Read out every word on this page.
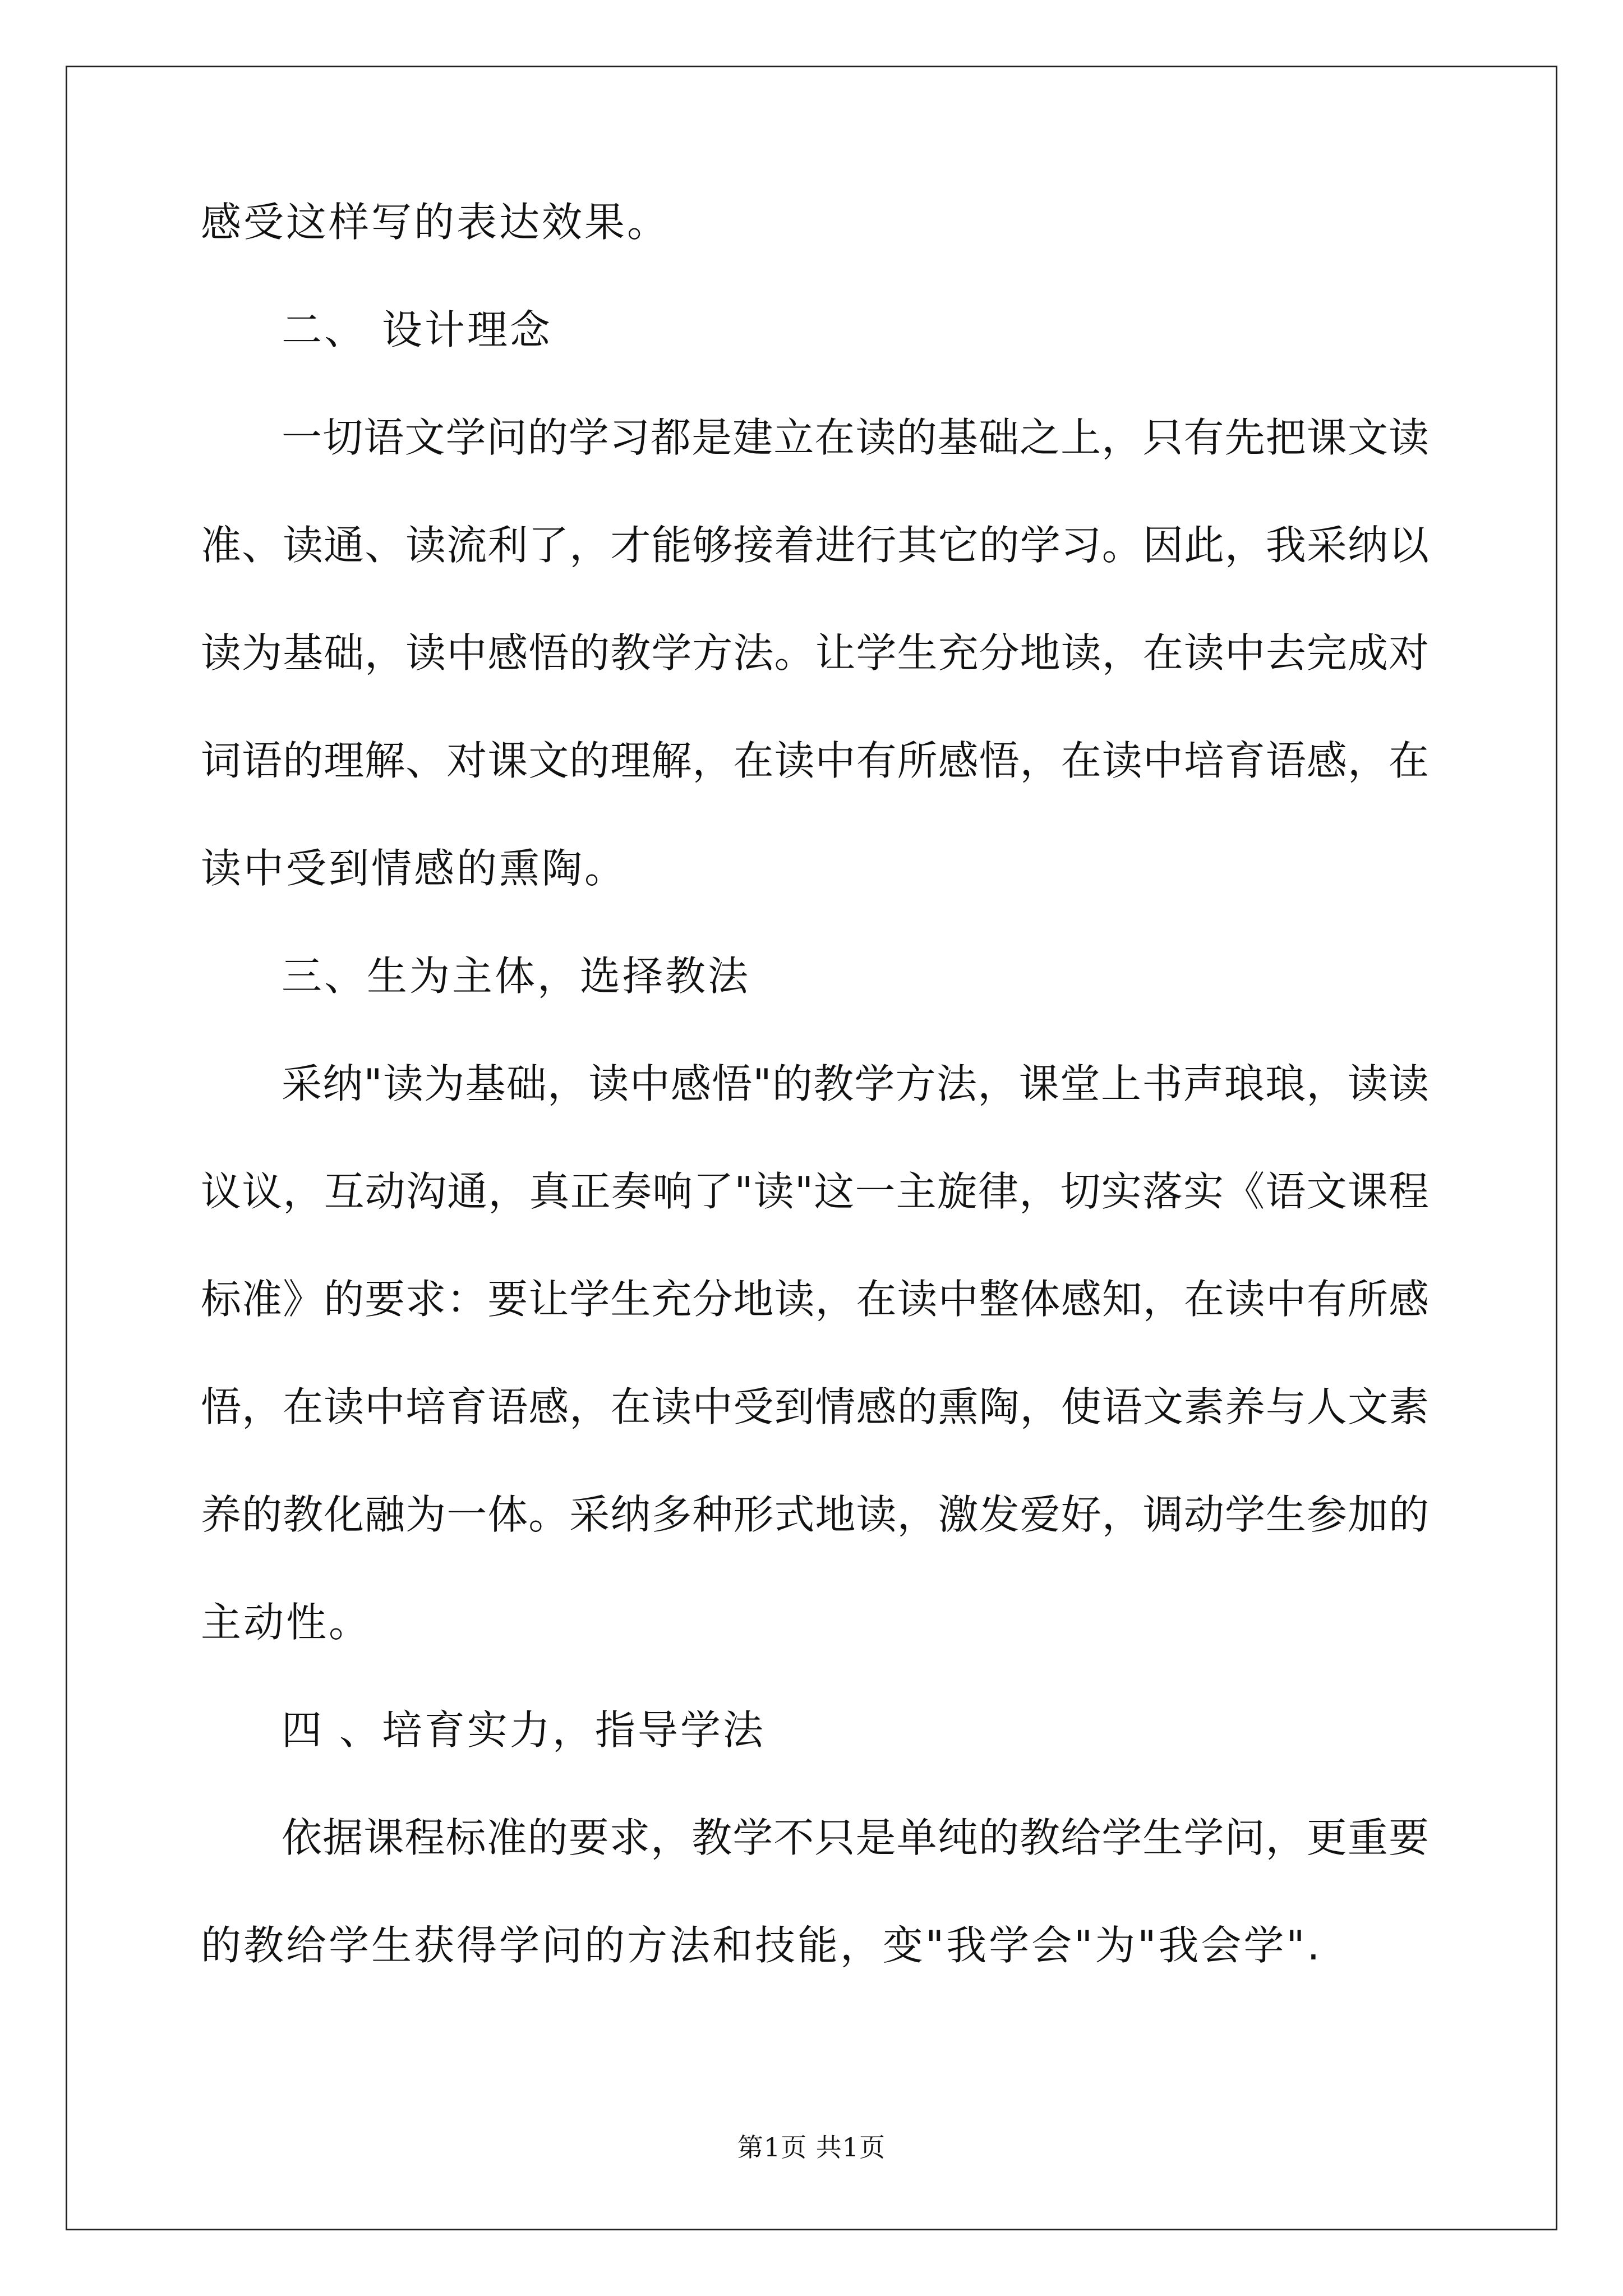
感受这样写的表达效果。
二、 设计理念
一切语文学问的学习都是建立在读的基础之上，只有先把课文读
准、读通、读流利了，才能够接着进行其它的学习。因此，我采纳以
读为基础，读中感悟的教学方法。让学生充分地读，在读中去完成对
词语的理解、对课文的理解，在读中有所感悟，在读中培育语感，在
读中受到情感的熏陶。
三、生为主体，选择教法
采纳"读为基础，读中感悟"的教学方法，课堂上书声琅琅，读读
议议，互动沟通，真正奏响了"读"这一主旋律，切实落实《语文课程
标准》的要求：要让学生充分地读，在读中整体感知，在读中有所感
悟，在读中培育语感，在读中受到情感的熏陶，使语文素养与人文素
养的教化融为一体。采纳多种形式地读，激发爱好，调动学生参加的
主动性。
四 、培育实力，指导学法
依据课程标准的要求，教学不只是单纯的教给学生学问，更重要
的教给学生获得学问的方法和技能，变"我学会"为"我会学".
第1页 共1页
